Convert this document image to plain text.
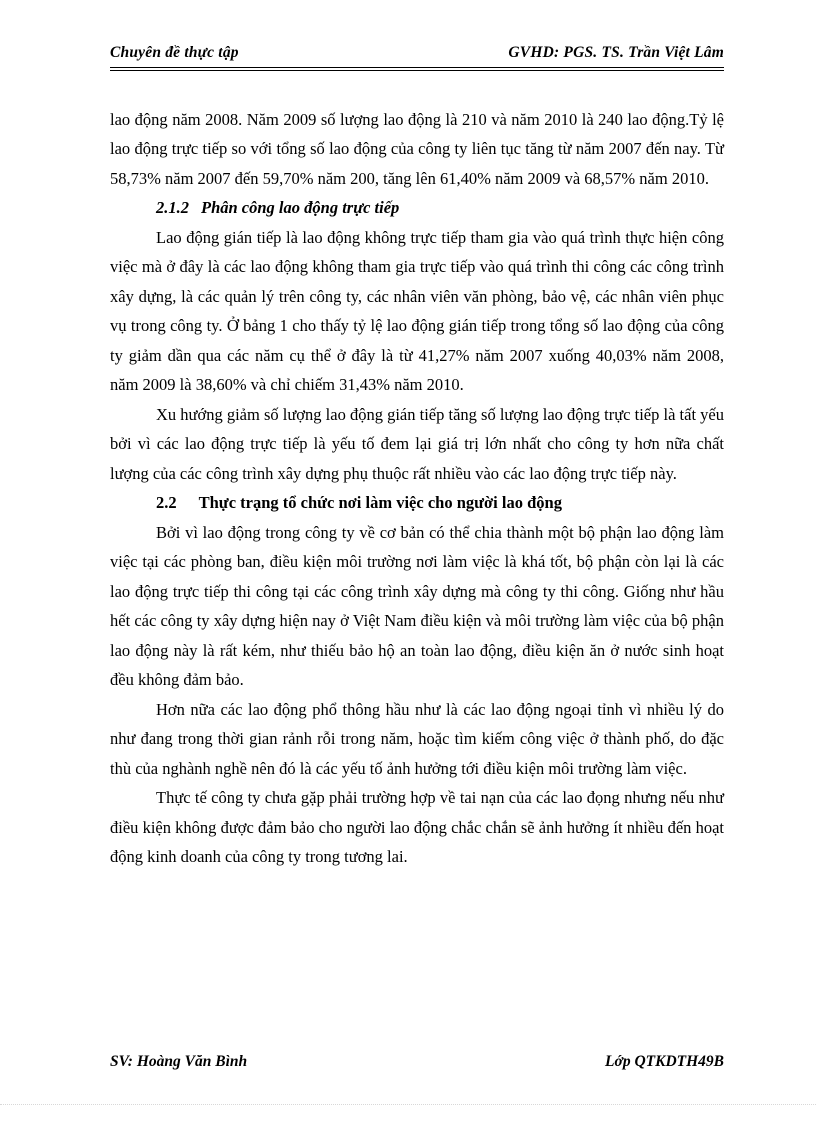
Chuyên đề thực tập	GVHD: PGS. TS. Trần Việt Lâm

lao động năm 2008. Năm 2009 số lượng lao động là 210 và năm 2010 là 240 lao động.Tỷ lệ lao động trực tiếp so với tổng số lao động của công ty liên tục tăng từ năm 2007 đến nay. Từ 58,73% năm 2007 đến 59,70% năm 200, tăng lên 61,40% năm 2009 và 68,57% năm 2010.

2.1.2 Phân công lao động trực tiếp

Lao động gián tiếp là lao động không trực tiếp tham gia vào quá trình thực hiện công việc mà ở đây là các lao động không tham gia trực tiếp vào quá trình thi công các công trình xây dựng, là các quản lý trên công ty, các nhân viên văn phòng, bảo vệ, các nhân viên phục vụ trong công ty. Ở bảng 1 cho thấy tỷ lệ lao động gián tiếp trong tổng số lao động của công ty giảm dần qua các năm cụ thể ở đây là từ 41,27% năm 2007 xuống 40,03% năm 2008, năm 2009 là 38,60% và chỉ chiếm 31,43% năm 2010.

Xu hướng giảm số lượng lao động gián tiếp tăng số lượng lao động trực tiếp là tất yếu bởi vì các lao động trực tiếp là yếu tố đem lại giá trị lớn nhất cho công ty hơn nữa chất lượng của các công trình xây dựng phụ thuộc rất nhiều vào các lao động trực tiếp này.

2.2 Thực trạng tổ chức nơi làm việc cho người lao động

Bởi vì lao động trong công ty về cơ bản có thể chia thành một bộ phận lao động làm việc tại các phòng ban, điều kiện môi trường nơi làm việc là khá tốt, bộ phận còn lại là các lao động trực tiếp thi công tại các công trình xây dựng mà công ty thi công. Giống như hầu hết các công ty xây dựng hiện nay ở Việt Nam điều kiện và môi trường làm việc của bộ phận lao động này là rất kém, như thiếu bảo hộ an toàn lao động, điều kiện ăn ở nước sinh hoạt đều không đảm bảo.

Hơn nữa các lao động phổ thông hầu như là các lao động ngoại tỉnh vì nhiều lý do như đang trong thời gian rảnh rỗi trong năm, hoặc tìm kiếm công việc ở thành phố, do đặc thù của nghành nghề nên đó là các yếu tố ảnh hưởng tới điều kiện môi trường làm việc.

Thực tế công ty chưa gặp phải trường hợp về tai nạn của các lao đọng nhưng nếu như điều kiện không được đảm bảo cho người lao động chắc chắn sẽ ảnh hưởng ít nhiều đến hoạt động kinh doanh của công ty trong tương lai.

SV: Hoàng Văn Bình	Lớp QTKDTH49B
